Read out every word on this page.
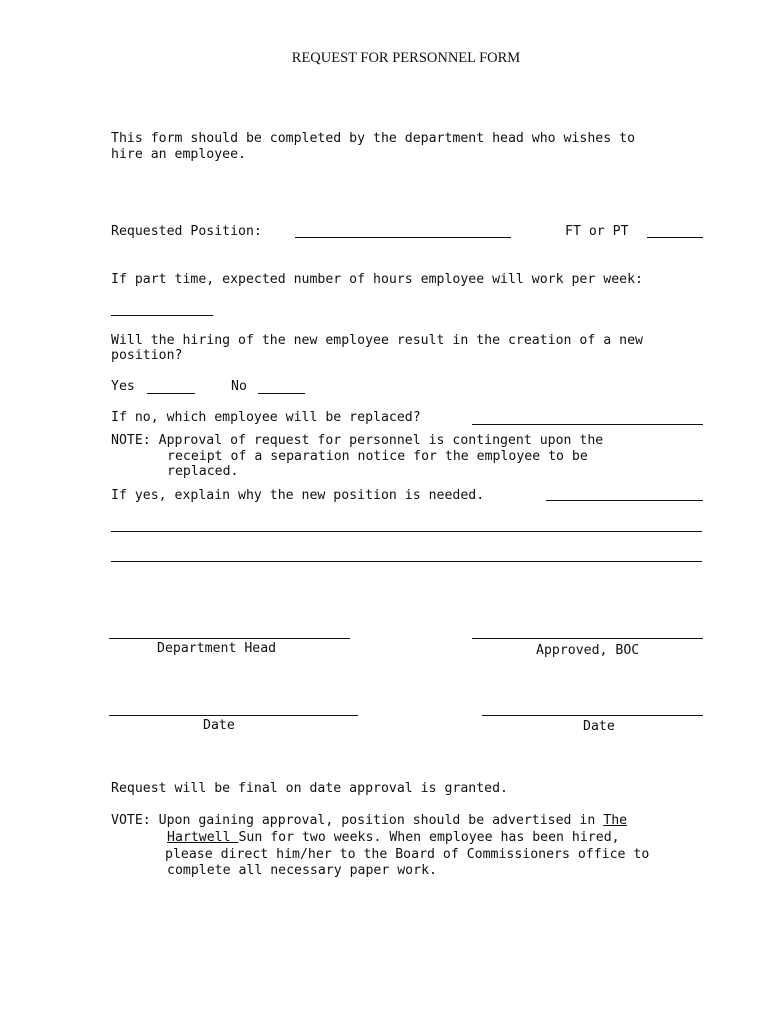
REQUEST FOR PERSONNEL FORM
This form should be completed by the department head who wishes to
hire an employee.
Requested Position:	FT or PT
If part time, expected number of hours employee will work per week:
Will the hiring of the new employee result in the creation of a new
position?
Yes	No
If no, which employee will be replaced?
NOTE: Approval of request for personnel is contingent upon the
receipt of a separation notice for the employee to be
replaced.
If yes, explain why the new position is needed.
Department Head	Approved, BOC
Date	Date
Request will be final on date approval is granted.
VOTE: Upon gaining approval, position should be advertised in The
Hartwell Sun for two weeks. When employee has been hired,
please direct him/her to the Board of Commissioners office to
complete all necessary paper work.
